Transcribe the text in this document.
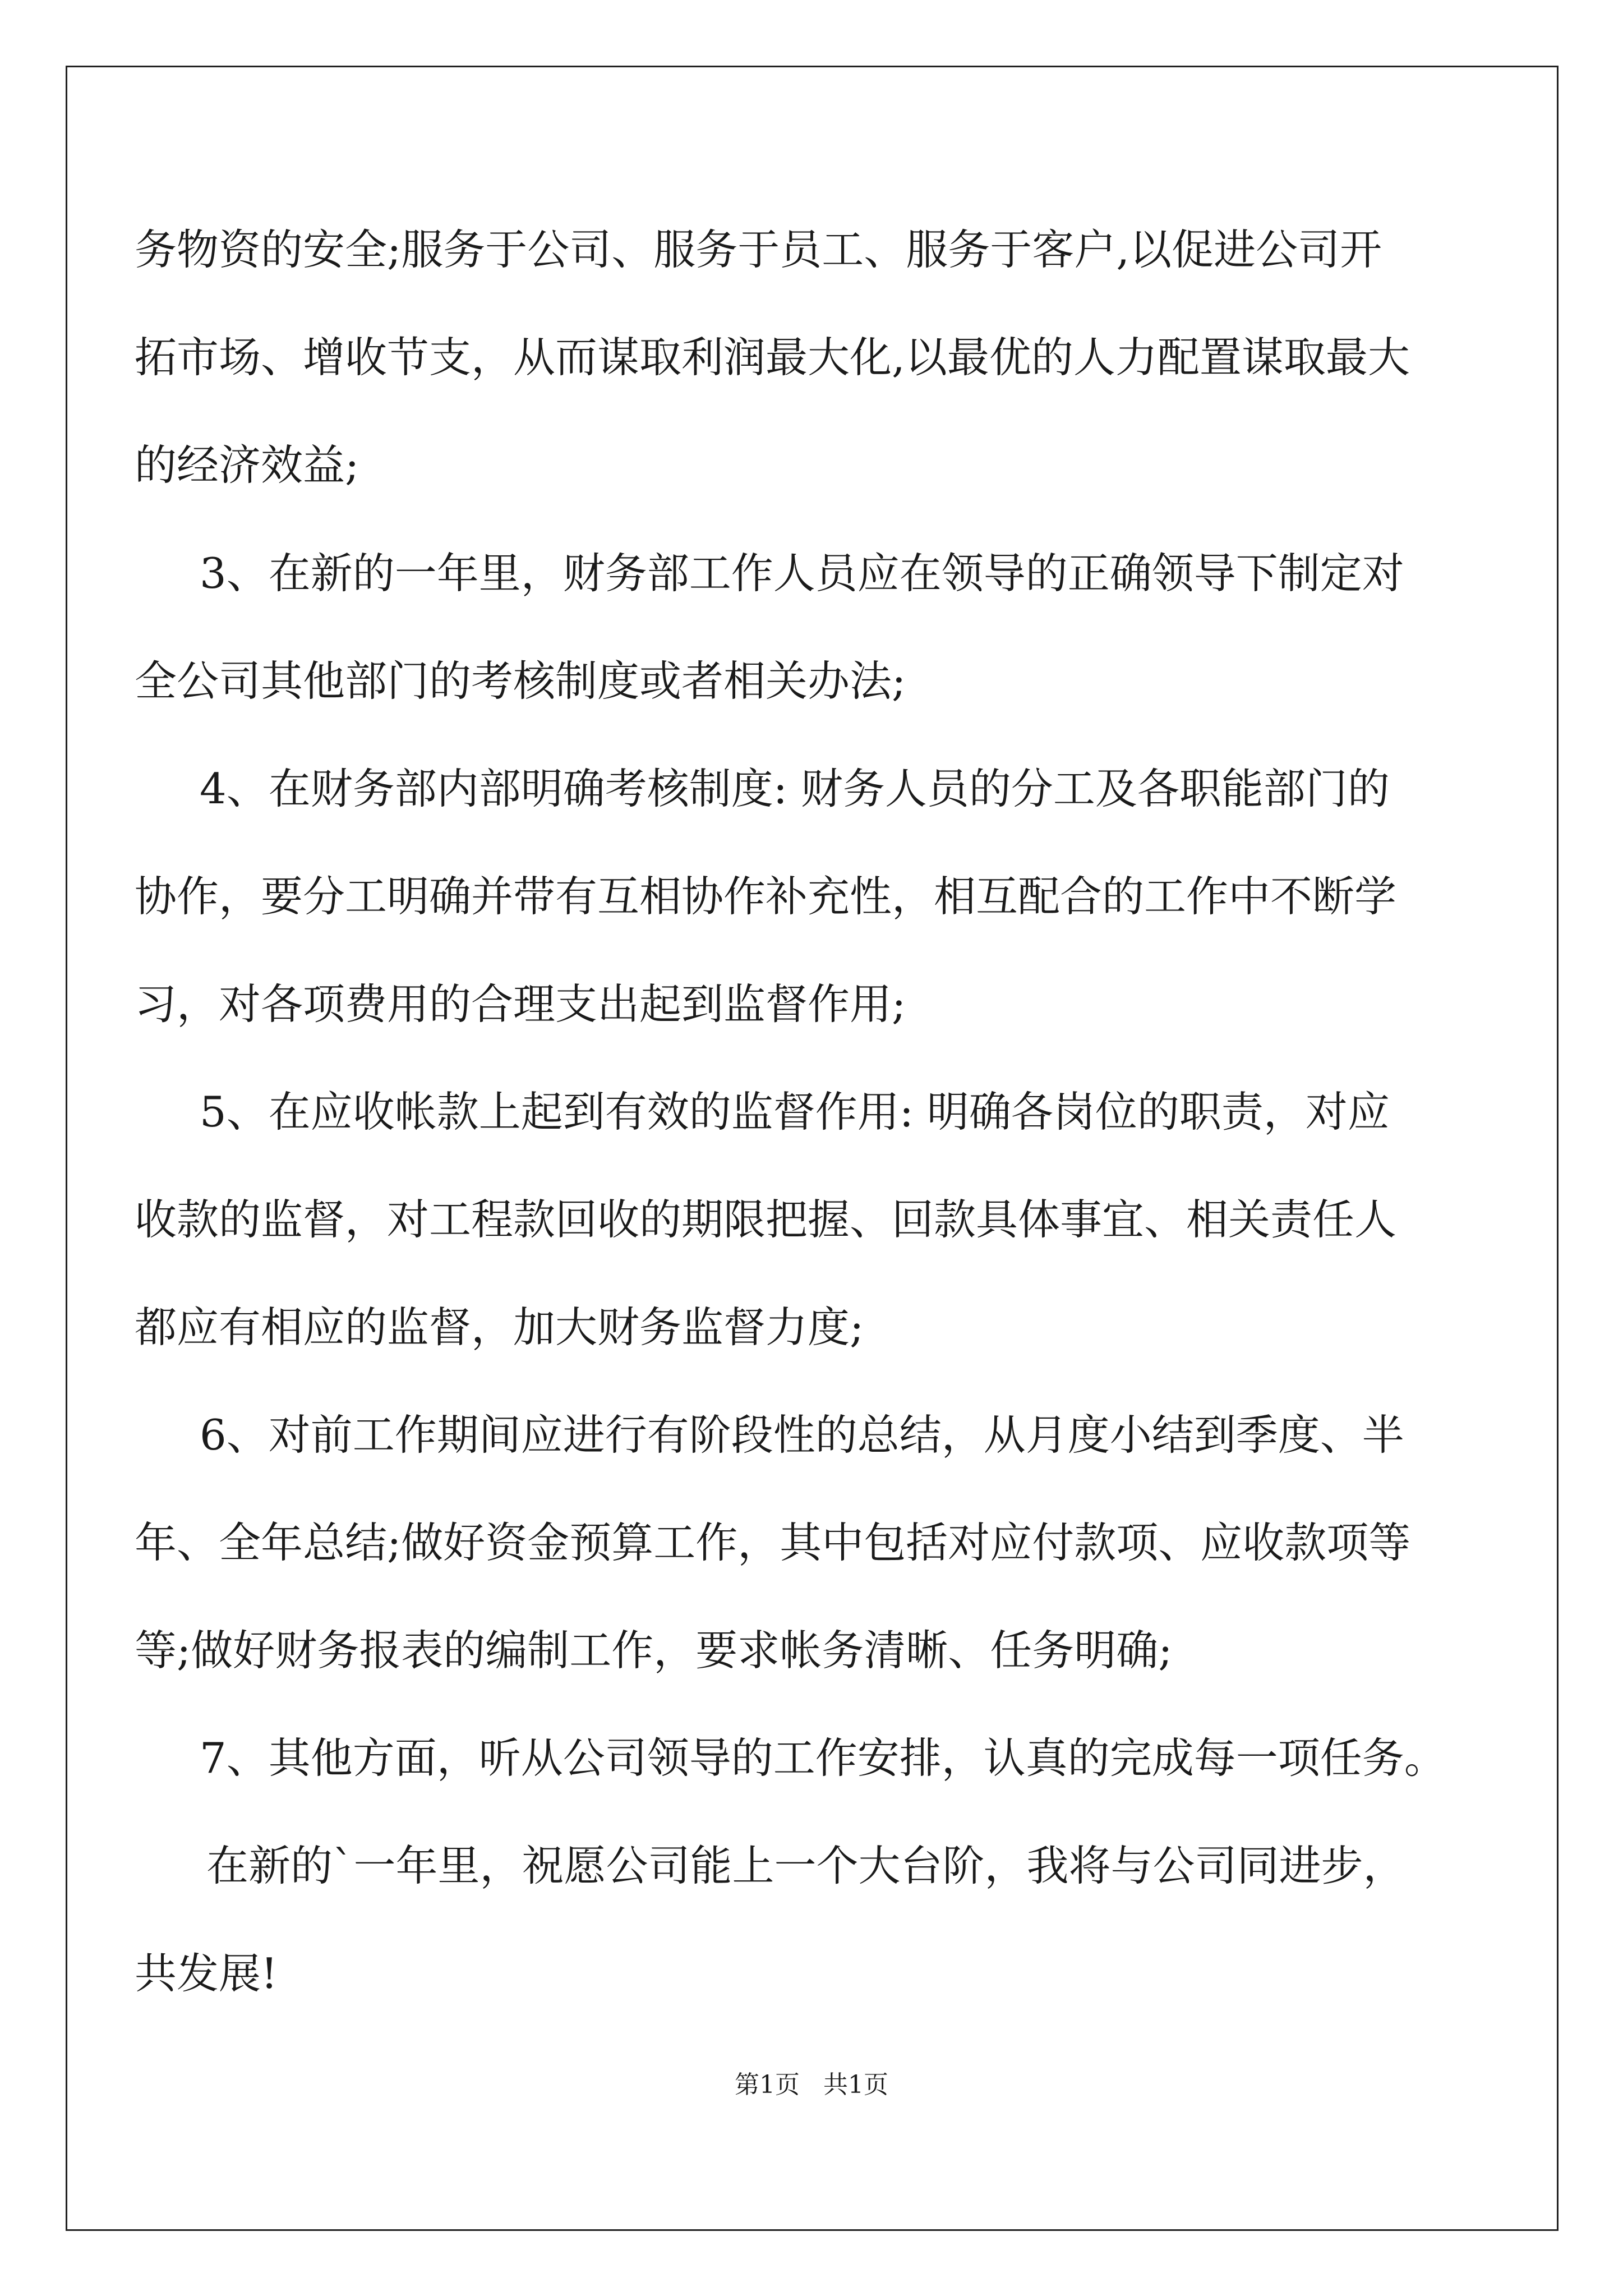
务物资的安全;服务于公司、服务于员工、服务于客户,以促进公司开
拓市场、增收节支，从而谋取利润最大化,以最优的人力配置谋取最大
的经济效益;
3、在新的一年里，财务部工作人员应在领导的正确领导下制定对
全公司其他部门的考核制度或者相关办法;
4、在财务部内部明确考核制度: 财务人员的分工及各职能部门的
协作，要分工明确并带有互相协作补充性，相互配合的工作中不断学
习，对各项费用的合理支出起到监督作用;
5、在应收帐款上起到有效的监督作用: 明确各岗位的职责，对应
收款的监督，对工程款回收的期限把握、回款具体事宜、相关责任人
都应有相应的监督，加大财务监督力度;
6、对前工作期间应进行有阶段性的总结，从月度小结到季度、半
年、全年总结;做好资金预算工作，其中包括对应付款项、应收款项等
等;做好财务报表的编制工作，要求帐务清晰、任务明确;
7、其他方面，听从公司领导的工作安排，认真的完成每一项任务。
在新的`一年里，祝愿公司能上一个大台阶，我将与公司同进步，
共发展!
第1页   共1页
